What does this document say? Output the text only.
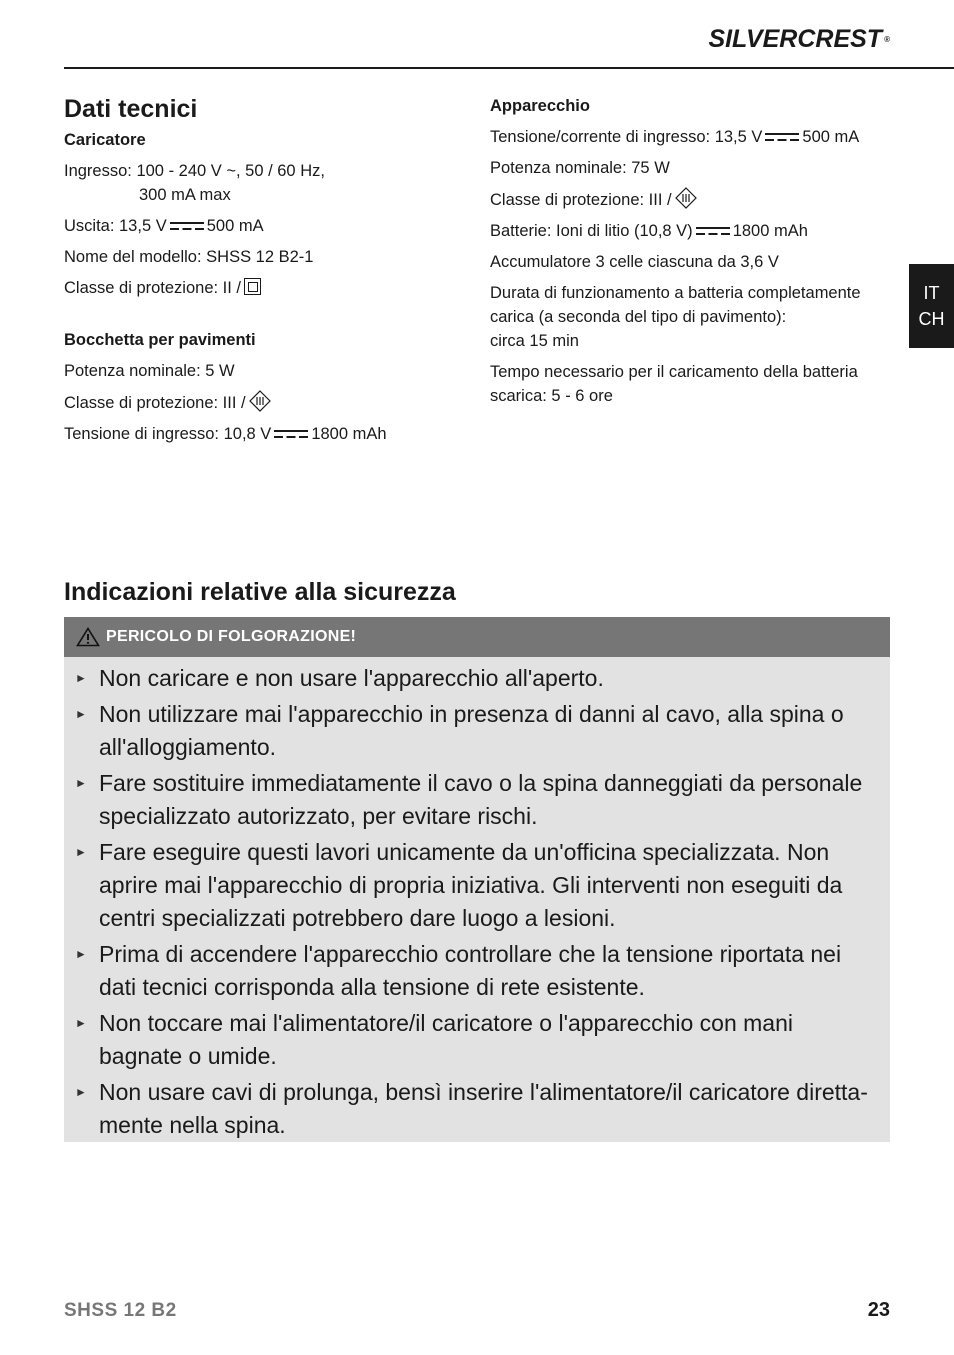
SILVERCREST ®
IT
CH
Dati tecnici
Caricatore

Ingresso: 100 - 240 V ~, 50 / 60 Hz,

300 mA max

Uscita: 13,5 V 500 mA

Nome del modello: SHSS 12 B2-1

Classe di protezione: II /

Bocchetta per pavimenti

Potenza nominale: 5 W

Classe di protezione: III /

Tensione di ingresso: 10,8 V 1800 mAh

Apparecchio

Tensione/corrente di ingresso: 13,5 V 500 mA

Potenza nominale: 75 W

Classe di protezione: III /

Batterie: Ioni di litio (10,8 V) 1800 mAh

Accumulatore 3 celle ciascuna da 3,6 V

Durata di funzionamento a batteria completamente

carica (a seconda del tipo di pavimento):

circa 15 min

Tempo necessario per il caricamento della batteria

scarica: 5 - 6 ore

Indicazioni relative alla sicurezza
PERICOLO DI FOLGORAZIONE!
► Non caricare e non usare l'apparecchio all'aperto.
► Non utilizzare mai l'apparecchio in presenza di danni al cavo, alla spina o all'alloggiamento.
► Fare sostituire immediatamente il cavo o la spina danneggiati da personale specializzato autorizzato, per evitare rischi.
► Fare eseguire questi lavori unicamente da un'officina specializzata. Non aprire mai l'apparecchio di propria iniziativa. Gli interventi non eseguiti da centri specializzati potrebbero dare luogo a lesioni.
► Prima di accendere l'apparecchio controllare che la tensione riportata nei dati tecnici corrisponda alla tensione di rete esistente.
► Non toccare mai l'alimentatore/il caricatore o l'apparecchio con mani bagnate o umide.
► Non usare cavi di prolunga, bensì inserire l'alimentatore/il caricatore diretta-mente nella spina.
SHSS 12 B2	23
